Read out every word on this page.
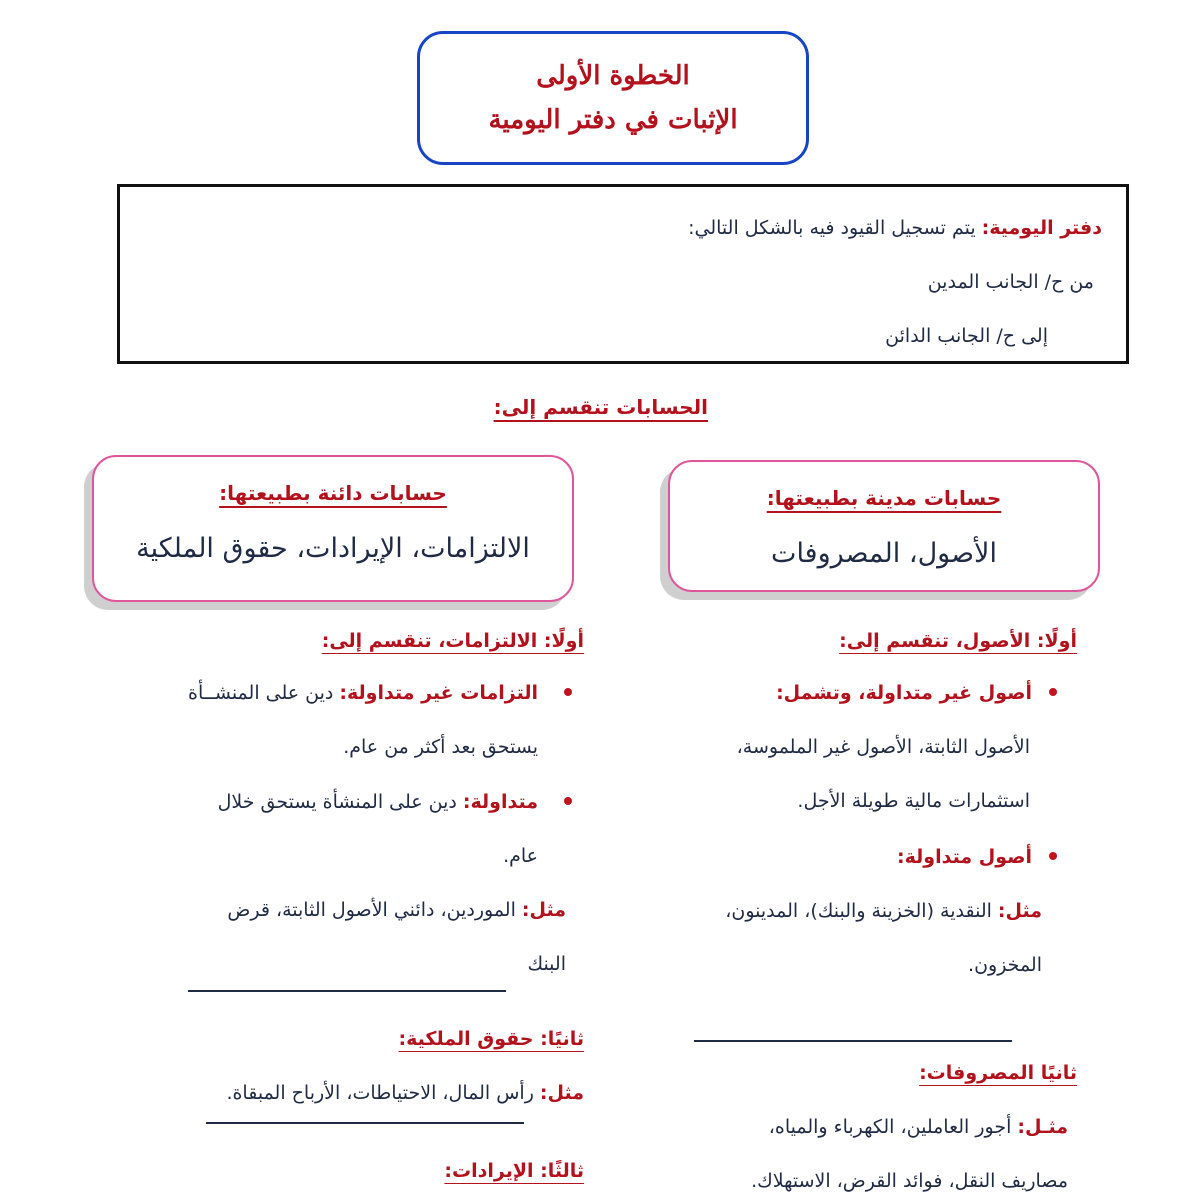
الخطوة الأولى
الإثبات في دفتر اليومية
دفتر اليومية: يتم تسجيل القيود فيه بالشكل التالي:
من ح/ الجانب المدين
إلى ح/ الجانب الدائن
الحسابات تنقسم إلى:
حسابات مدينة بطبيعتها:
الأصول، المصروفات
حسابات دائنة بطبيعتها:
الالتزامات، الإيرادات، حقوق الملكية
أولًا: الأصول، تنقسم إلى:
أصول غير متداولة، وتشمل:
الأصول الثابتة، الأصول غير الملموسة،
استثمارات مالية طويلة الأجل.
أصول متداولة:
مثل: النقدية (الخزينة والبنك)، المدينون،
المخزون.
ثانيًا المصروفات:
مثـل: أجور العاملين، الكهرباء والمياه،
مصاريف النقل، فوائد القرض، الاستهلاك.
أولًا: الالتزامات، تنقسم إلى:
التزامات غير متداولة: دين على المنشــأة
يستحق بعد أكثر من عام.
متداولة: دين على المنشأة يستحق خلال
عام.
مثل: الموردين، دائني الأصول الثابتة، قرض
البنك
ثانيًا: حقوق الملكية:
مثل: رأس المال، الاحتياطات، الأرباح المبقاة.
ثالثًا: الإيرادات:
